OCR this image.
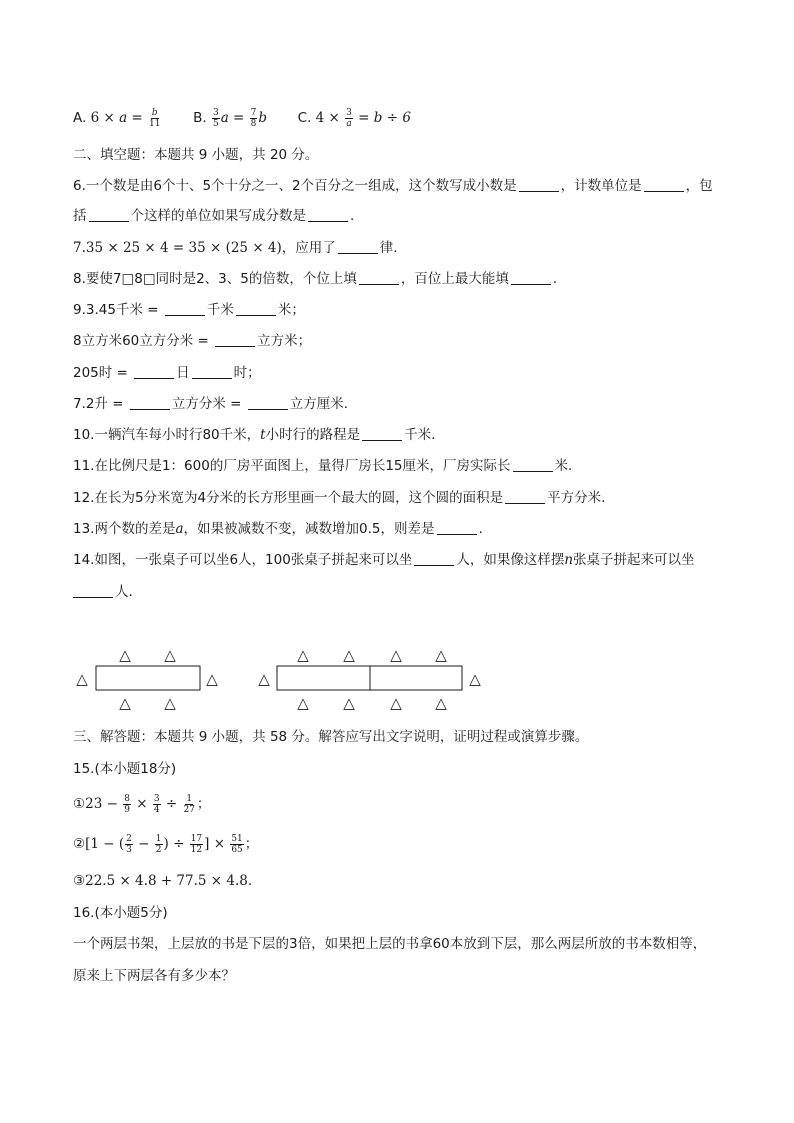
A. $6 \times a = \frac{b}{11} B$. $\frac{3}{5}$ $a = \frac{7}{8}$ b C. $4 \times \frac{3}{a} = b \div 6$
二、填空题：本题共 9 小题，共 20 分。
6.一个数是由6个十、5个十分之一、2个百分之一组成，这个数写成小数是	，计数单位是	，包
括	个这样的单位如果写成分数是	.
7.35 × 25 × 4 = 35 × (25 × 4)，应用了	律.
8.要使7□8□同时是2、3、5的倍数，个位上填	，百位上最大能填	.
9.3.45千米 =	千米	米；
8立方米60立方分米 =	立方米；
205时 =	日	时；
7.2升 =	立方分米 =	立方厘米.
10.一辆汽车每小时行80千米，t小时行的路程是	千米.
11.在比例尺是1：600的厂房平面图上，量得厂房长15厘米，厂房实际长	米.
12.在长为5分米宽为4分米的长方形里画一个最大的圆，这个圆的面积是	平方分米.
13.两个数的差是a，如果被减数不变，减数增加0.5，则差是	.
14.如图，一张桌子可以坐6人，100张桌子拼起来可以坐	人，如果像这样摆n张桌子拼起来可以坐
人.
△ △
△ △
△	△
△ △ △ △
△ △ △ △
△	△
三、解答题：本题共 9 小题，共 58 分。解答应写出文字说明，证明过程或演算步骤。
15.(本小题18分)
①23 − $\frac{8}{9} \times \frac{3}{4} \div \frac{1}{27}$ ；
②[1 − ( $\frac{2}{3} - \frac{1}{2}$ ) ÷ $\frac{17}{12}$ ] × $\frac{51}{65}$ ；
③22.5 × 4.8 + 77.5 × 4.8.
16.(本小题5分)
一个两层书架，上层放的书是下层的3倍，如果把上层的书拿60本放到下层，那么两层所放的书本数相等，
原来上下两层各有多少本？
